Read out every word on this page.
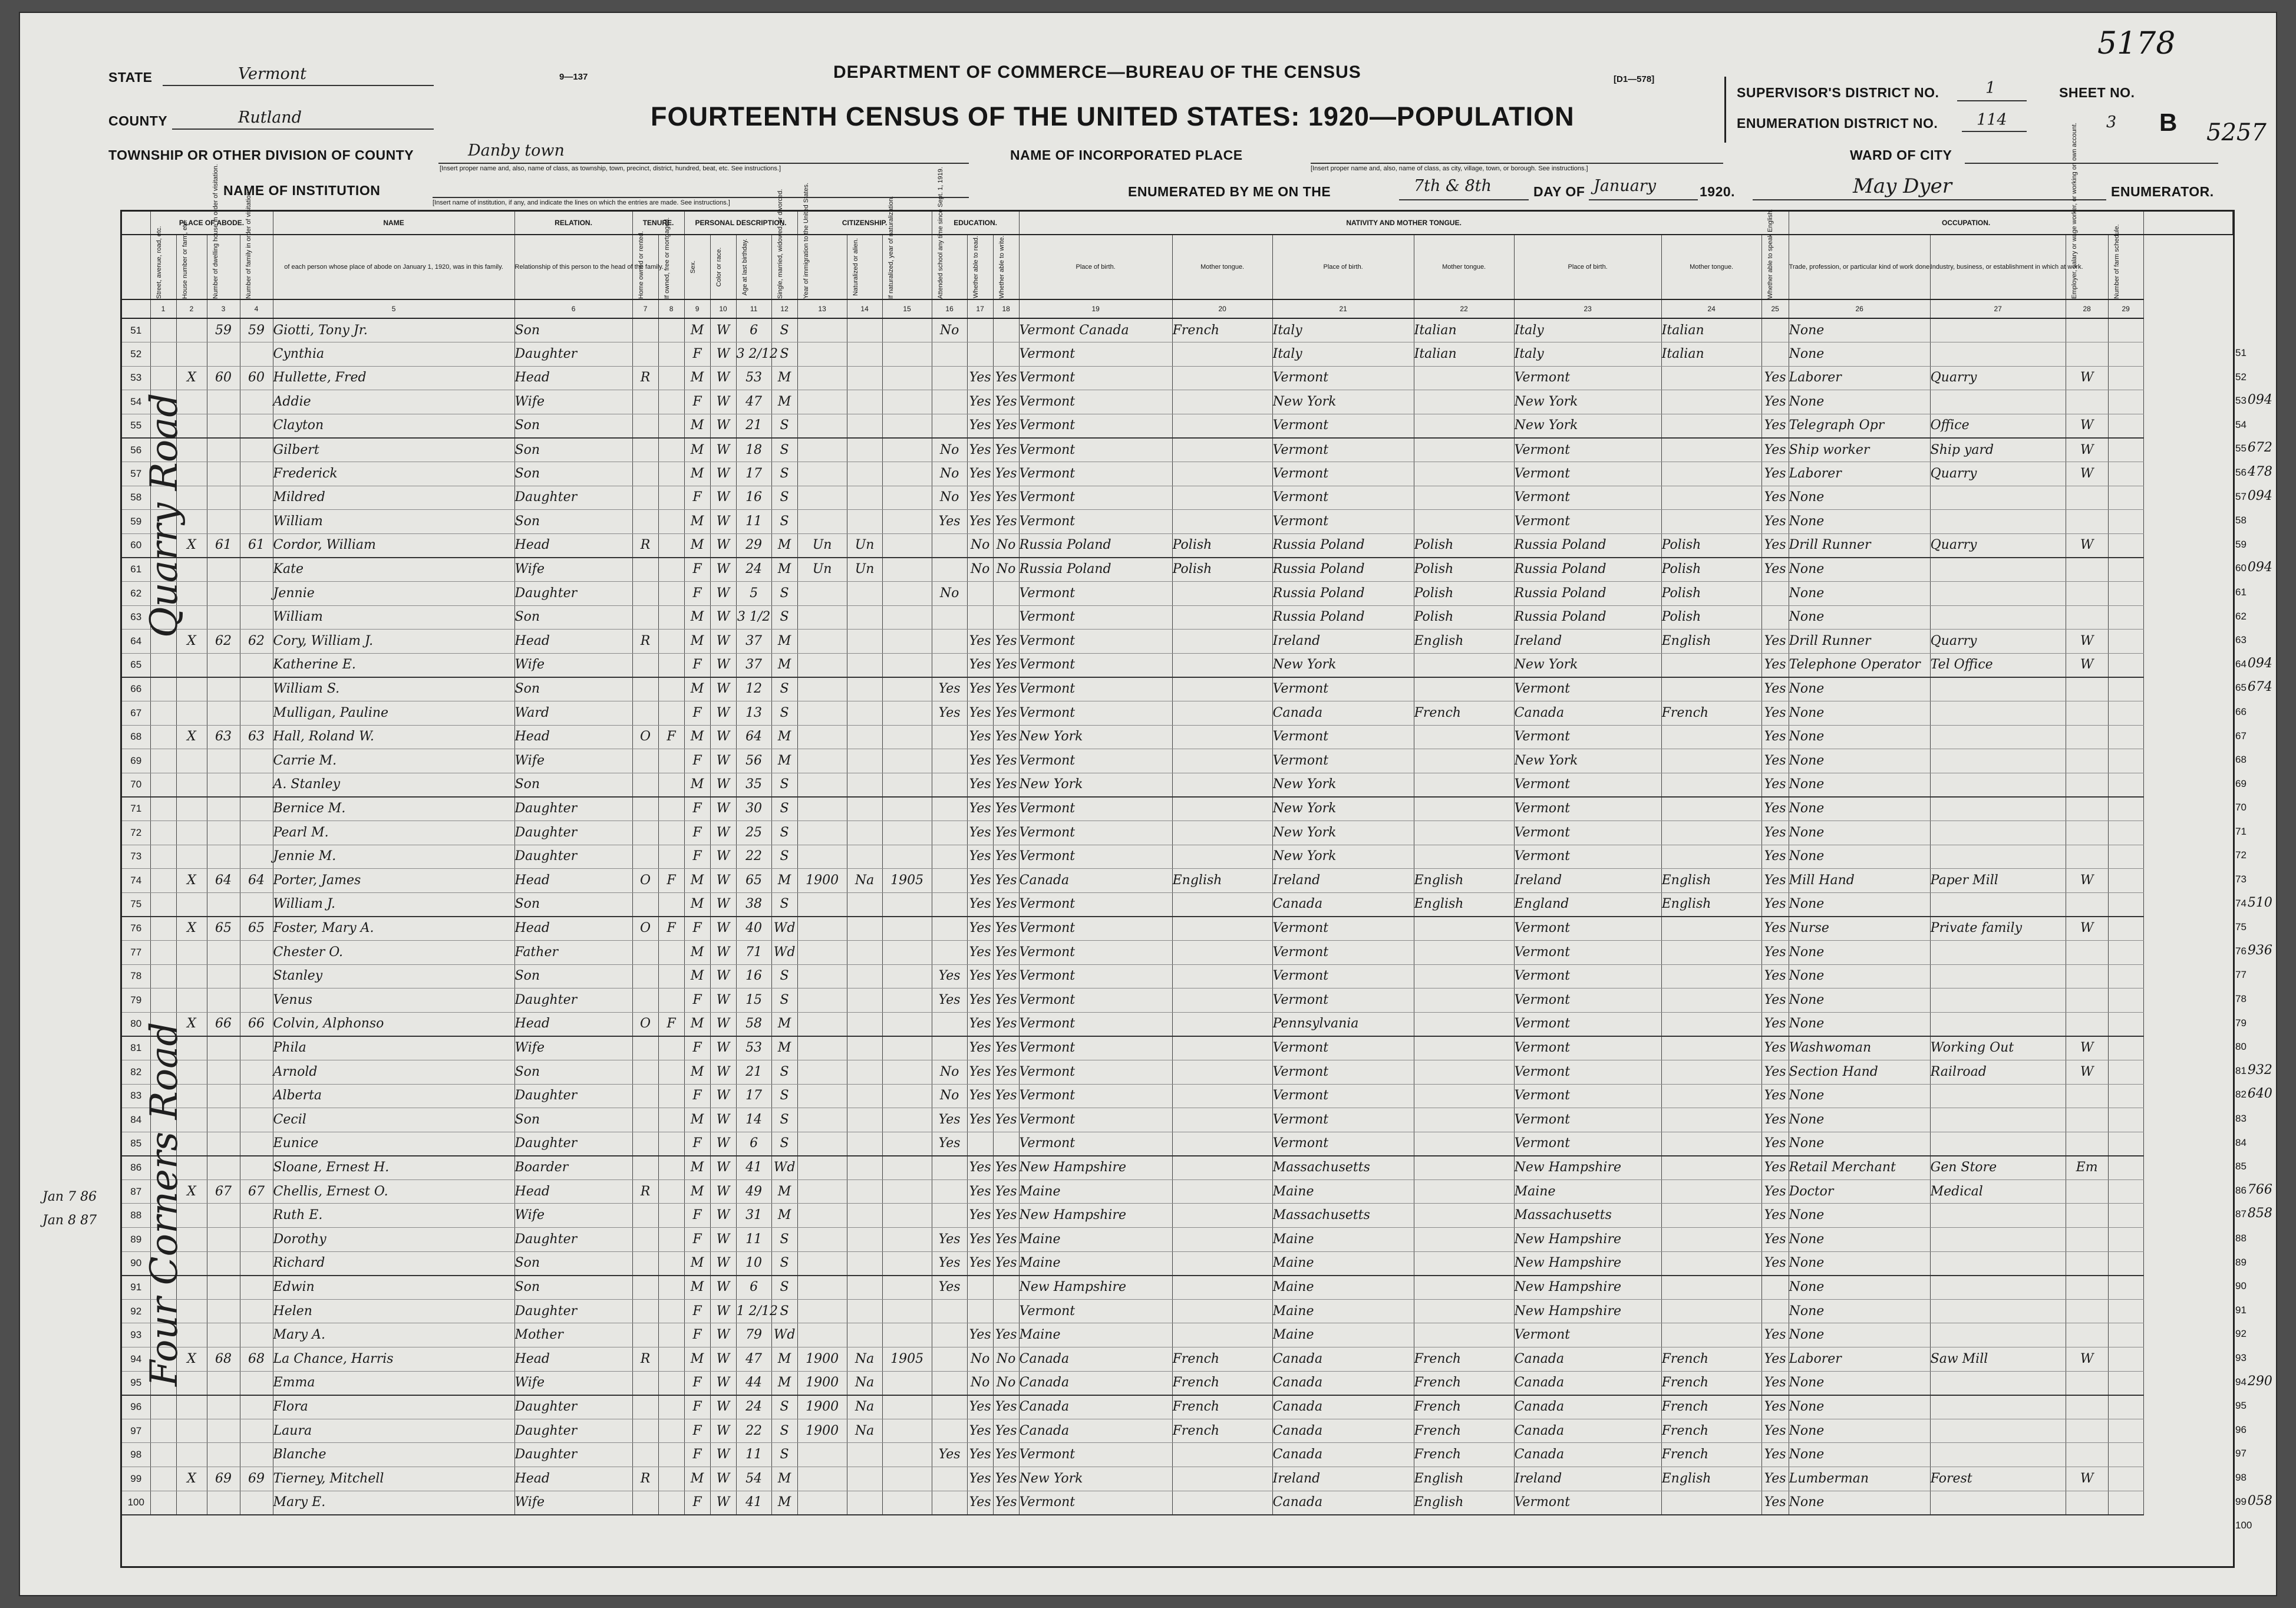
9—137	DEPARTMENT OF COMMERCE—BUREAU OF THE CENSUS	[D1—578]
FOURTEENTH CENSUS OF THE UNITED STATES: 1920—POPULATION
5178
5257
STATE	Vermont
COUNTY	Rutland
TOWNSHIP OR OTHER DIVISION OF COUNTY	Danby town
[Insert proper name and, also, name of class, as township, town, precinct, district, hundred, beat, etc. See instructions.]
NAME OF INSTITUTION
[Insert name of institution, if any, and indicate the lines on which the entries are made. See instructions.]
NAME OF INCORPORATED PLACE
[Insert proper name and, also, name of class, as city, village, town, or borough. See instructions.]
WARD OF CITY
ENUMERATED BY ME ON THE	7th & 8th	DAY OF January	1920.	May Dyer	ENUMERATOR.
SUPERVISOR'S DISTRICT NO.	1
ENUMERATION DISTRICT NO. 114
SHEET NO.
3 B
	PLACE OF ABODE.				NAME	RELATION.	TENURE.		PERSONAL DESCRIPTION.				CITIZENSHIP.			EDUCATION.			NATIVITY AND MOTHER TONGUE.							OCCUPATION.				

	Street, avenue, road, etc.	House number or farm, etc.	Number of dwelling house in order of visitation.	Number of family in order of visitation.	of each person whose place of abode on January 1, 1920, was in this family.	Relationship of this person to the head of the family.	Home owned or rented.	If owned, free or mortgaged.	Sex.	Color or race.	Age at last birthday.	Single, married, widowed, or divorced.	Year of immigration to the United States.	Naturalized or alien.	If naturalized, year of naturalization.	Attended school any time since Sept. 1, 1919.	Whether able to read.	Whether able to write.	Place of birth.	Mother tongue.	Place of birth.	Mother tongue.	Place of birth.	Mother tongue.	Whether able to speak English.	Trade, profession, or particular kind of work done.	Industry, business, or establishment in which at work.	Employer, salary or wage worker, or working on own account.	Number of farm schedule.	

	1	2	3	4	5	6	7	8	9	10	11	12	13	14	15	16	17	18	19	20	21	22	23	24	25	26	27	28	29	
51			59	59	Giotti, Tony Jr.	Son			M	W	6	S				No			Vermont Canada	French	Italy	Italian	Italy	Italian		None				
52					Cynthia	Daughter			F	W	3 2/12	S							Vermont		Italy	Italian	Italy	Italian		None				
53		X	60	60	Hullette, Fred	Head	R		M	W	53	M					Yes	Yes	Vermont		Vermont		Vermont		Yes	Laborer	Quarry	W		
54					Addie	Wife			F	W	47	M					Yes	Yes	Vermont		New York		New York		Yes	None				
55					Clayton	Son			M	W	21	S					Yes	Yes	Vermont		Vermont		New York		Yes	Telegraph Opr	Office	W		
56					Gilbert	Son			M	W	18	S				No	Yes	Yes	Vermont		Vermont		Vermont		Yes	Ship worker	Ship yard	W		
57					Frederick	Son			M	W	17	S				No	Yes	Yes	Vermont		Vermont		Vermont		Yes	Laborer	Quarry	W		
58					Mildred	Daughter			F	W	16	S				No	Yes	Yes	Vermont		Vermont		Vermont		Yes	None				
59					William	Son			M	W	11	S				Yes	Yes	Yes	Vermont		Vermont		Vermont		Yes	None				
60		X	61	61	Cordor, William	Head	R		M	W	29	M	Un	Un			No	No	Russia Poland	Polish	Russia Poland	Polish	Russia Poland	Polish	Yes	Drill Runner	Quarry	W		
61					Kate	Wife			F	W	24	M	Un	Un			No	No	Russia Poland	Polish	Russia Poland	Polish	Russia Poland	Polish	Yes	None				
62					Jennie	Daughter			F	W	5	S				No			Vermont		Russia Poland	Polish	Russia Poland	Polish		None				
63					William	Son			M	W	3 1/2	S							Vermont		Russia Poland	Polish	Russia Poland	Polish		None				
64		X	62	62	Cory, William J.	Head	R		M	W	37	M					Yes	Yes	Vermont		Ireland	English	Ireland	English	Yes	Drill Runner	Quarry	W		
65					Katherine E.	Wife			F	W	37	M					Yes	Yes	Vermont		New York		New York		Yes	Telephone Operator	Tel Office	W		
66					William S.	Son			M	W	12	S				Yes	Yes	Yes	Vermont		Vermont		Vermont		Yes	None				
67					Mulligan, Pauline	Ward			F	W	13	S				Yes	Yes	Yes	Vermont		Canada	French	Canada	French	Yes	None				
68		X	63	63	Hall, Roland W.	Head	O	F	M	W	64	M					Yes	Yes	New York		Vermont		Vermont		Yes	None				
69					Carrie M.	Wife			F	W	56	M					Yes	Yes	Vermont		Vermont		New York		Yes	None				
70					A. Stanley	Son			M	W	35	S					Yes	Yes	New York		New York		Vermont		Yes	None				
71					Bernice M.	Daughter			F	W	30	S					Yes	Yes	Vermont		New York		Vermont		Yes	None				
72					Pearl M.	Daughter			F	W	25	S					Yes	Yes	Vermont		New York		Vermont		Yes	None				
73					Jennie M.	Daughter			F	W	22	S					Yes	Yes	Vermont		New York		Vermont		Yes	None				
74		X	64	64	Porter, James	Head	O	F	M	W	65	M	1900	Na	1905		Yes	Yes	Canada	English	Ireland	English	Ireland	English	Yes	Mill Hand	Paper Mill	W		
75					William J.	Son			M	W	38	S					Yes	Yes	Vermont		Canada	English	England	English	Yes	None				
76		X	65	65	Foster, Mary A.	Head	O	F	F	W	40	Wd					Yes	Yes	Vermont		Vermont		Vermont		Yes	Nurse	Private family	W		
77					Chester O.	Father			M	W	71	Wd					Yes	Yes	Vermont		Vermont		Vermont		Yes	None				
78					Stanley	Son			M	W	16	S				Yes	Yes	Yes	Vermont		Vermont		Vermont		Yes	None				
79					Venus	Daughter			F	W	15	S				Yes	Yes	Yes	Vermont		Vermont		Vermont		Yes	None				
80		X	66	66	Colvin, Alphonso	Head	O	F	M	W	58	M					Yes	Yes	Vermont		Pennsylvania		Vermont		Yes	None				
81					Phila	Wife			F	W	53	M					Yes	Yes	Vermont		Vermont		Vermont		Yes	Washwoman	Working Out	W		
82					Arnold	Son			M	W	21	S				No	Yes	Yes	Vermont		Vermont		Vermont		Yes	Section Hand	Railroad	W		
83					Alberta	Daughter			F	W	17	S				No	Yes	Yes	Vermont		Vermont		Vermont		Yes	None				
84					Cecil	Son			M	W	14	S				Yes	Yes	Yes	Vermont		Vermont		Vermont		Yes	None				
85					Eunice	Daughter			F	W	6	S				Yes			Vermont		Vermont		Vermont		Yes	None				
86					Sloane, Ernest H.	Boarder			M	W	41	Wd					Yes	Yes	New Hampshire		Massachusetts		New Hampshire		Yes	Retail Merchant	Gen Store	Em		
87		X	67	67	Chellis, Ernest O.	Head	R		M	W	49	M					Yes	Yes	Maine		Maine		Maine		Yes	Doctor	Medical			
88					Ruth E.	Wife			F	W	31	M					Yes	Yes	New Hampshire		Massachusetts		Massachusetts		Yes	None				
89					Dorothy	Daughter			F	W	11	S				Yes	Yes	Yes	Maine		Maine		New Hampshire		Yes	None				
90					Richard	Son			M	W	10	S				Yes	Yes	Yes	Maine		Maine		New Hampshire		Yes	None				
91					Edwin	Son			M	W	6	S				Yes			New Hampshire		Maine		New Hampshire			None				
92					Helen	Daughter			F	W	1 2/12	S							Vermont		Maine		New Hampshire			None				
93					Mary A.	Mother			F	W	79	Wd					Yes	Yes	Maine		Maine		Vermont		Yes	None				
94		X	68	68	La Chance, Harris	Head	R		M	W	47	M	1900	Na	1905		No	No	Canada	French	Canada	French	Canada	French	Yes	Laborer	Saw Mill	W		
95					Emma	Wife			F	W	44	M	1900	Na			No	No	Canada	French	Canada	French	Canada	French	Yes	None				
96					Flora	Daughter			F	W	24	S	1900	Na			Yes	Yes	Canada	French	Canada	French	Canada	French	Yes	None				
97					Laura	Daughter			F	W	22	S	1900	Na			Yes	Yes	Canada	French	Canada	French	Canada	French	Yes	None				
98					Blanche	Daughter			F	W	11	S				Yes	Yes	Yes	Vermont		Canada	French	Canada	French	Yes	None				
99		X	69	69	Tierney, Mitchell	Head	R		M	W	54	M					Yes	Yes	New York		Ireland	English	Ireland	English	Yes	Lumberman	Forest	W		
100					Mary E.	Wife			F	W	41	M					Yes	Yes	Vermont		Canada	English	Vermont		Yes	None				
51
52
53094
54
55672
56478
57094
58
59
60094
61
62
63
64094
65674
66
67
68
69
70
71
72
73
74510
75
76936
77
78
79
80
81932
82640
83
84
85
86766
87858
88
89
90
91
92
93
94290
95
96
97
98
99058
100
Quarry Road
Four Corners Road
Jan 7 86
Jan 8 87
